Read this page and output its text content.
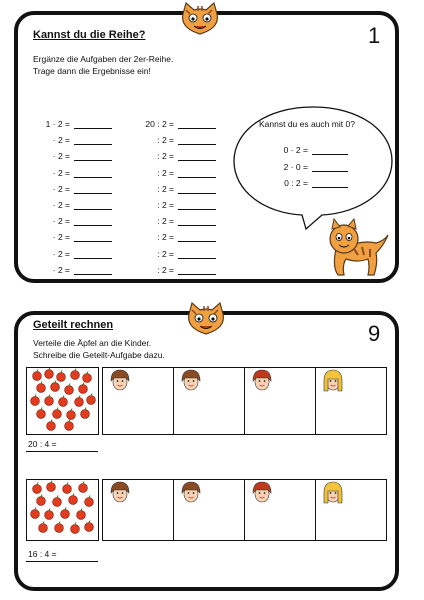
Kannst du die Reihe?	1
Ergänze die Aufgaben der 2er-Reihe.
Trage dann die Ergebnisse ein!
1 · 2 =
· 2 =
· 2 =
· 2 =
· 2 =
· 2 =
· 2 =
· 2 =
· 2 =
· 2 =
20 : 2 =
: 2 =
: 2 =
: 2 =
: 2 =
: 2 =
: 2 =
: 2 =
: 2 =
: 2 =
Kannst du es auch mit 0?
0 · 2 =
2 · 0 =
0 : 2 =
Geteilt rechnen	9
Verteile die Äpfel an die Kinder.
Schreibe die Geteilt-Aufgabe dazu.
20 : 4 =
16 : 4 =
